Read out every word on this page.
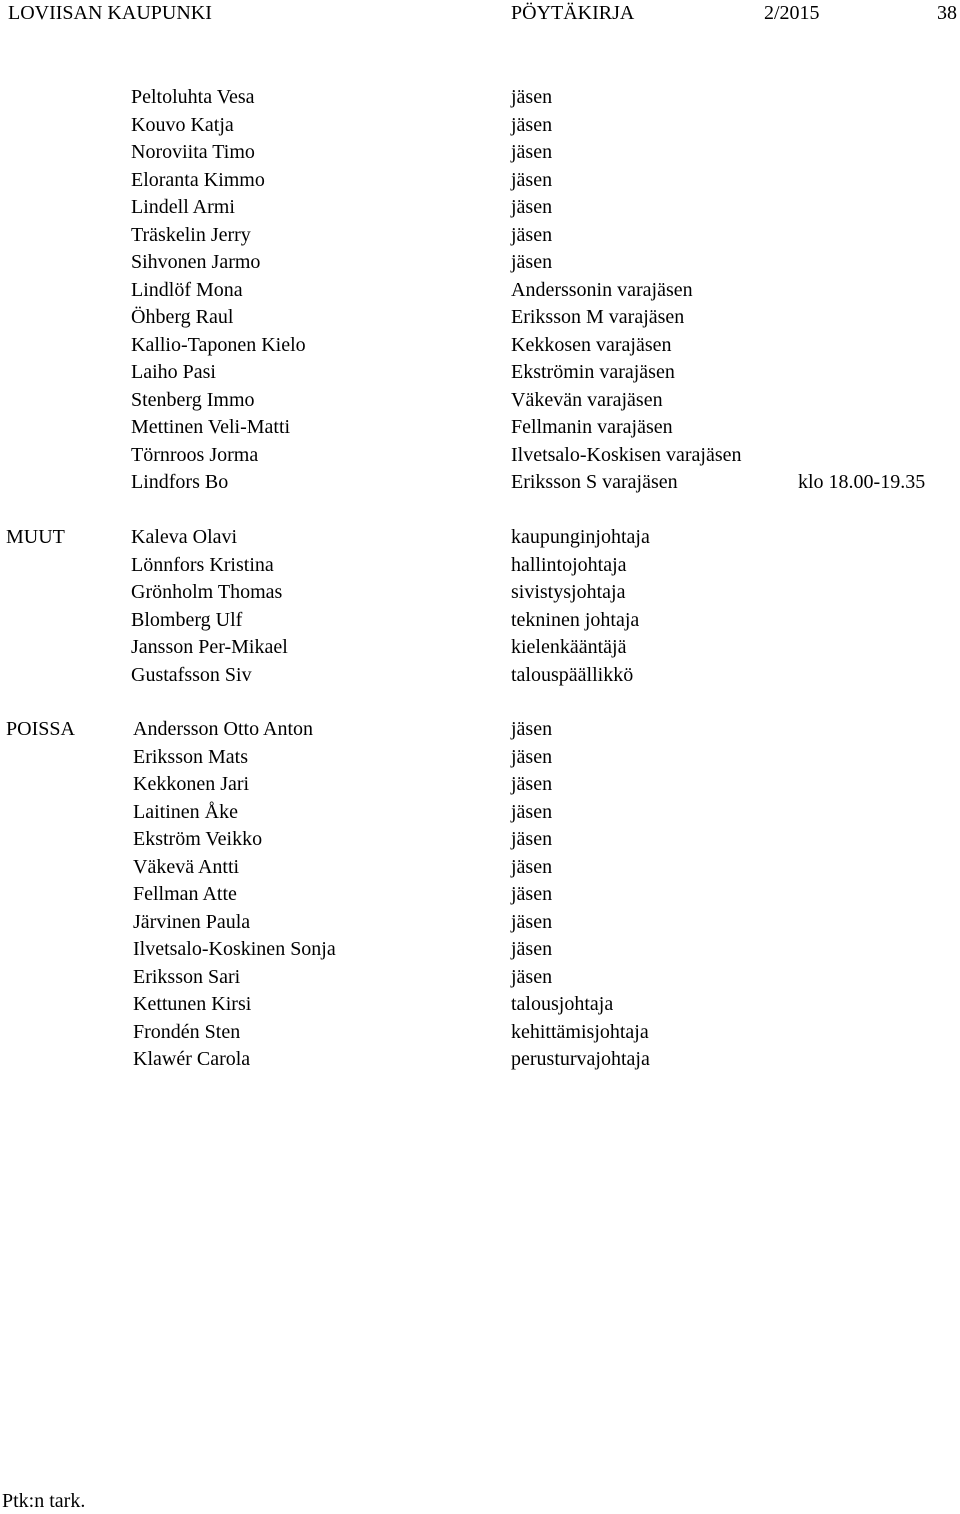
LOVIISAN KAUPUNKI	PÖYTÄKIRJA	2/2015	38
Peltoluhta Vesa	jäsen
Kouvo Katja	jäsen
Noroviita Timo	jäsen
Eloranta Kimmo	jäsen
Lindell Armi	jäsen
Träskelin Jerry	jäsen
Sihvonen Jarmo	jäsen
Lindlöf Mona	Anderssonin varajäsen
Öhberg Raul	Eriksson M varajäsen
Kallio-Taponen Kielo	Kekkosen varajäsen
Laiho Pasi	Ekströmin varajäsen
Stenberg Immo	Väkevän varajäsen
Mettinen Veli-Matti	Fellmanin varajäsen
Törnroos Jorma	Ilvetsalo-Koskisen varajäsen
Lindfors Bo	Eriksson S varajäsen	klo 18.00-19.35
MUUT	Kaleva Olavi	kaupunginjohtaja
Lönnfors Kristina	hallintojohtaja
Grönholm Thomas	sivistysjohtaja
Blomberg Ulf	tekninen johtaja
Jansson Per-Mikael	kielenkääntäjä
Gustafsson Siv	talouspäällikkö
POISSA	Andersson Otto Anton	jäsen
Eriksson Mats	jäsen
Kekkonen Jari	jäsen
Laitinen Åke	jäsen
Ekström Veikko	jäsen
Väkevä Antti	jäsen
Fellman Atte	jäsen
Järvinen Paula	jäsen
Ilvetsalo-Koskinen Sonja	jäsen
Eriksson Sari	jäsen
Kettunen Kirsi	talousjohtaja
Frondén Sten	kehittämisjohtaja
Klawér Carola	perusturvajohtaja
Ptk:n tark.
